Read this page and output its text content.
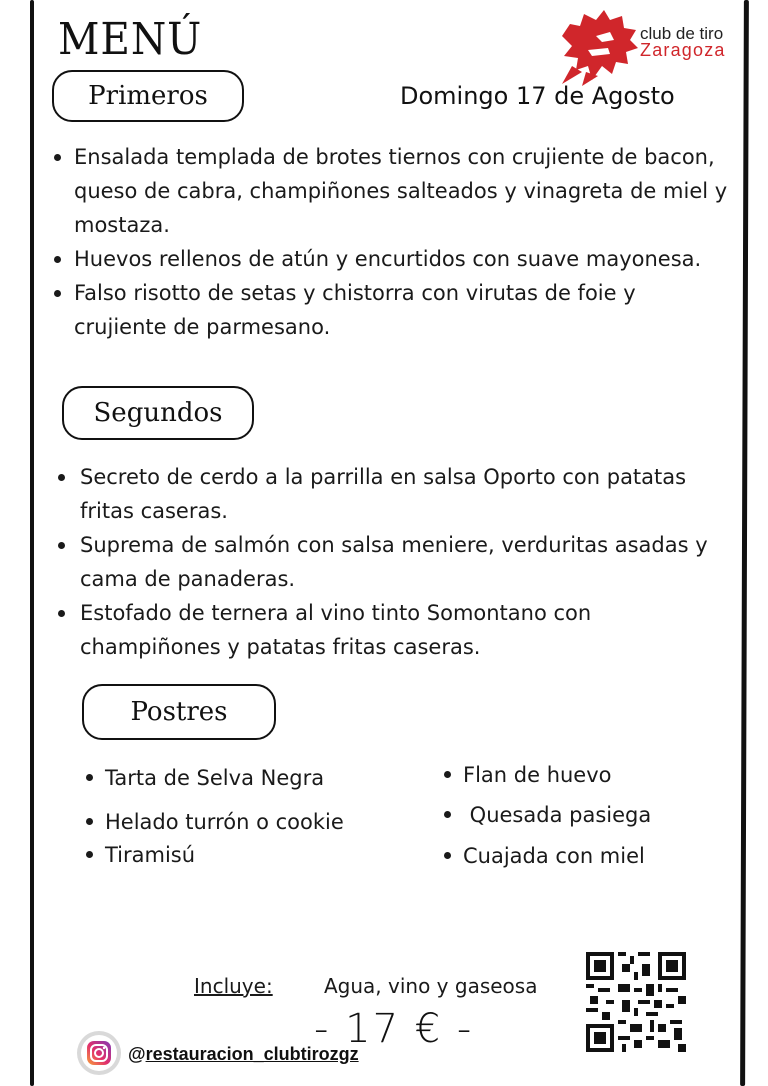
MENÚ	club de tiro
Zaragoza
Domingo 17 de Agosto
Primeros
Ensalada templada de brotes tiernos con crujiente de bacon, queso de cabra, champiñones salteados y vinagreta de miel y mostaza.
Huevos rellenos de atún y encurtidos con suave mayonesa.
Falso risotto de setas y chistorra con virutas de foie y crujiente de parmesano.
Segundos
Secreto de cerdo a la parrilla en salsa Oporto con patatas fritas caseras.
Suprema de salmón con salsa meniere, verduritas asadas y cama de panaderas.
Estofado de ternera al vino tinto Somontano con champiñones y patatas fritas caseras.
Postres
Tarta de Selva Negra
Helado turrón o cookie
Tiramisú
Flan de huevo
Quesada pasiega
Cuajada con miel
Incluye:	Agua, vino y gaseosa
- 17 € -
@restauracion_clubtirozgz
